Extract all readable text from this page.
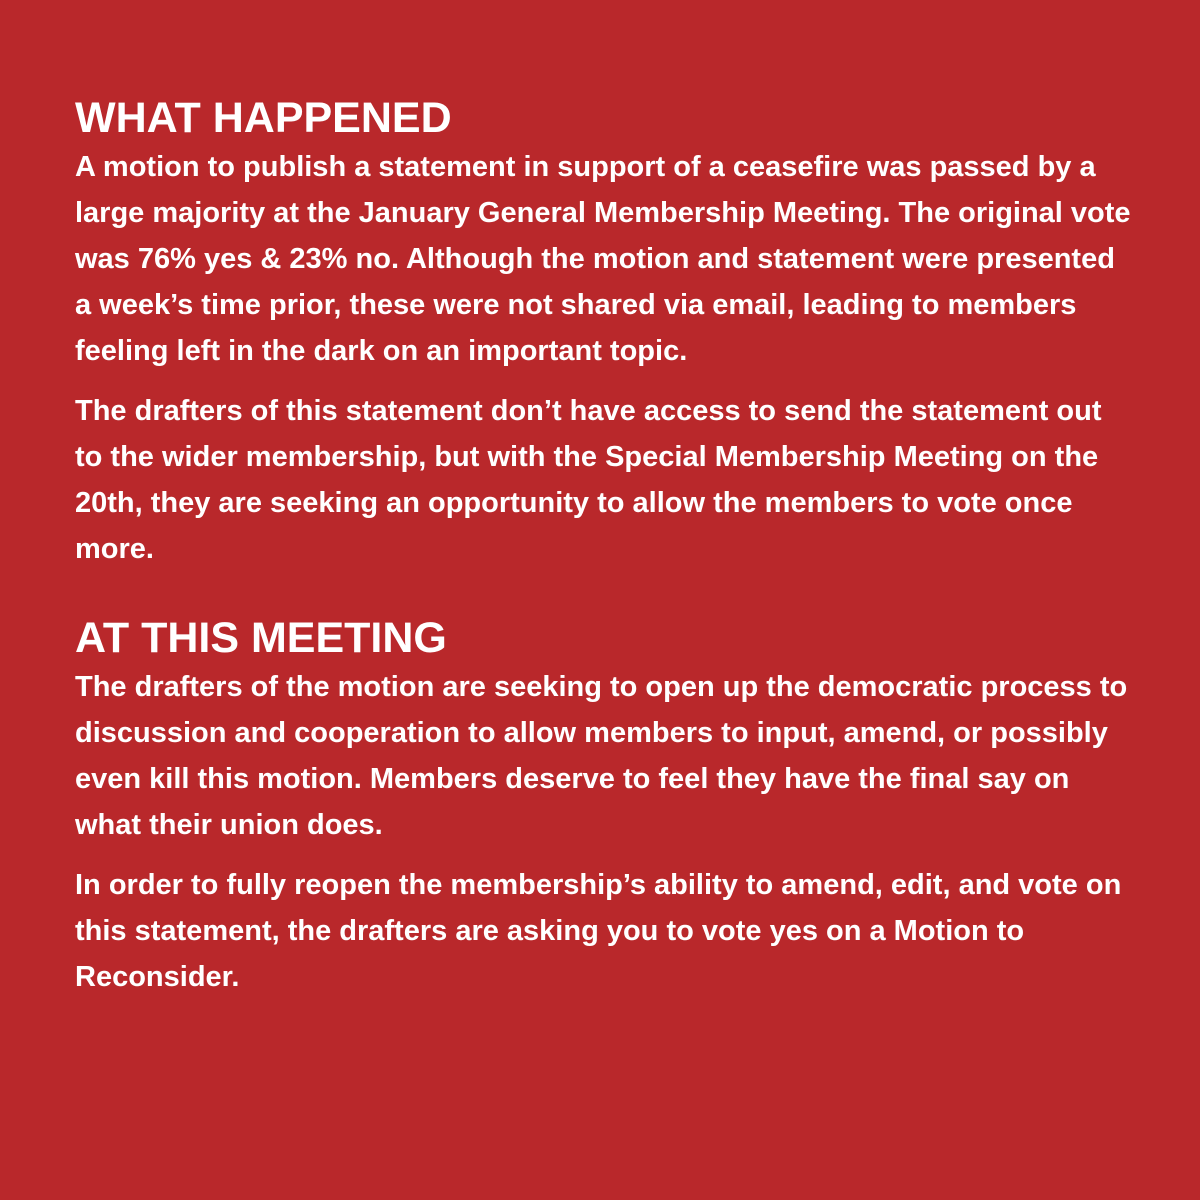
WHAT HAPPENED

A motion to publish a statement in support of a ceasefire was passed by a large majority at the January General Membership Meeting. The original vote was 76% yes & 23% no. Although the motion and statement were presented a week’s time prior, these were not shared via email, leading to members feeling left in the dark on an important topic.

The drafters of this statement don’t have access to send the statement out to the wider membership, but with the Special Membership Meeting on the 20th, they are seeking an opportunity to allow the members to vote once more.

AT THIS MEETING

The drafters of the motion are seeking to open up the democratic process to discussion and cooperation to allow members to input, amend, or possibly even kill this motion. Members deserve to feel they have the final say on what their union does.

In order to fully reopen the membership’s ability to amend, edit, and vote on this statement, the drafters are asking you to vote yes on a Motion to Reconsider.
